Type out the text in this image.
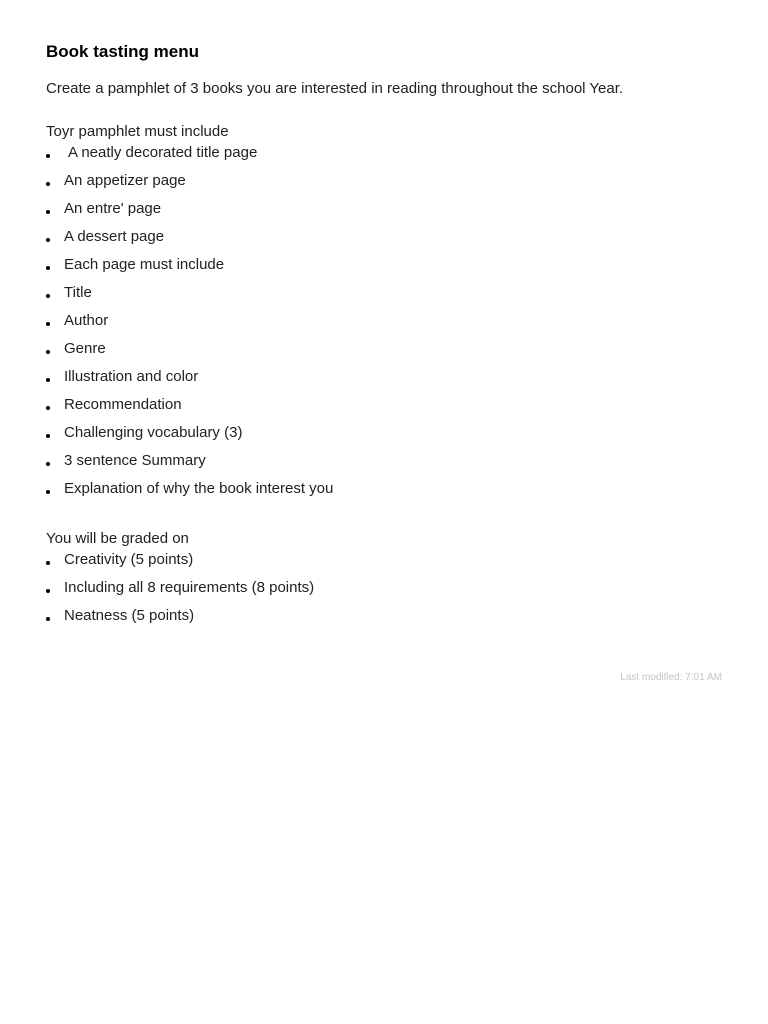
Book tasting menu

Create a pamphlet of 3 books you are interested in reading throughout the school Year.

Toyr pamphlet must include

A neatly decorated title page
An appetizer page
An entre' page
A dessert page
Each page must include
Title
Author
Genre
Illustration and color
Recommendation
Challenging vocabulary (3)
3 sentence Summary
Explanation of why the book interest you

You will be graded on

Creativity (5 points)
Including all 8 requirements (8 points)
Neatness (5 points)
Last modified: 7:01 AM
